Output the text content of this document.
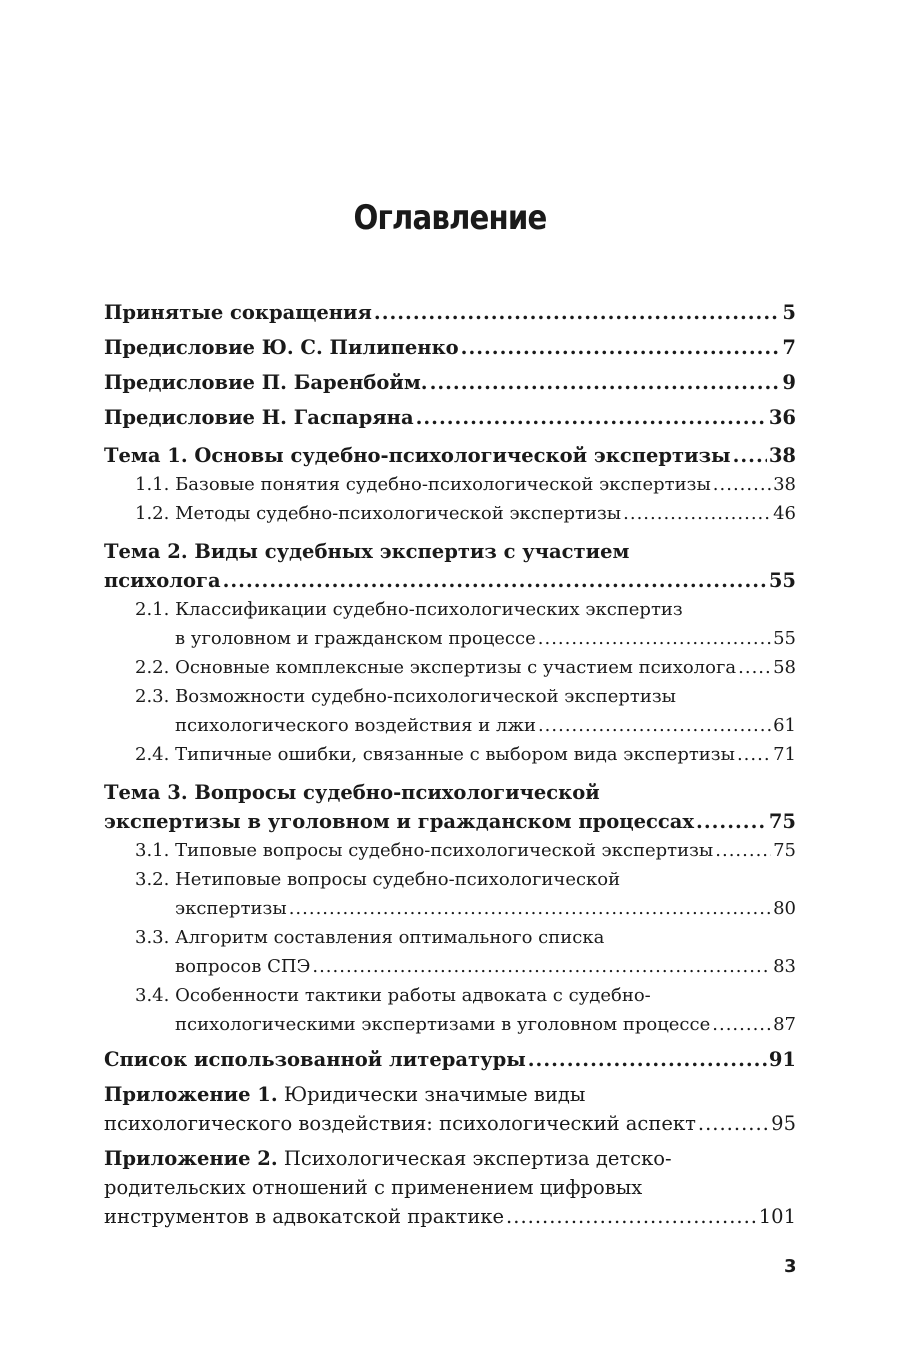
Оглавление
Принятые сокращения .....	5
Предисловие Ю. С. Пилипенко .....	7
Предисловие П. Баренбойм. .....	9
Предисловие Н. Гаспаряна .....	36
Тема 1. Основы судебно-психологической экспертизы ..... 38
1.1. Базовые понятия судебно-психологической экспертизы .....	38
1.2. Методы судебно-психологической экспертизы .....	46
Тема 2. Виды судебных экспертиз с участием
психолога .....	55
2.1. Классификации судебно-психологических экспертиз
в уголовном и гражданском процессе .....	55
2.2. Основные комплексные экспертизы с участием психолога ..... 58
2.3. Возможности судебно-психологической экспертизы
психологического воздействия и лжи .....	61
2.4. Типичные ошибки, связанные с выбором вида экспертизы ..... 71
Тема 3. Вопросы судебно-психологической
экспертизы в уголовном и гражданском процессах .....	75
3.1. Типовые вопросы судебно-психологической экспертизы .....	75
3.2. Нетиповые вопросы судебно-психологической
экспертизы .....	80
3.3. Алгоритм составления оптимального списка
вопросов СПЭ .....	83
3.4. Особенности тактики работы адвоката с судебно-
психологическими экспертизами в уголовном процессе .....	87
Список использованной литературы .....	91
Приложение 1. Юридически значимые виды
психологического воздействия: психологический аспект .....	95
Приложение 2. Психологическая экспертиза детско-
родительских отношений с применением цифровых
инструментов в адвокатской практике .....	101
3
